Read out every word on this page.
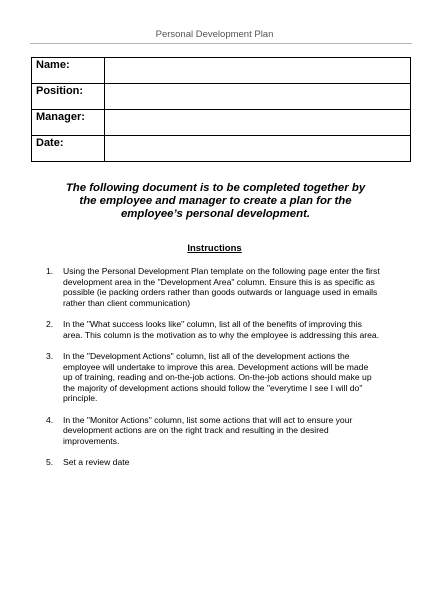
Personal Development Plan
Name:	
Position:	
Manager:	
Date:	
The following document is to be completed together by the employee and manager to create a plan for the employee’s personal development.
Instructions
1. Using the Personal Development Plan template on the following page enter the first development area in the "Development Area" column. Ensure this is as specific as possible (ie packing orders rather than goods outwards or language used in emails rather than client communication)
2. In the "What success looks like" column, list all of the benefits of improving this area. This column is the motivation as to why the employee is addressing this area.
3. In the "Development Actions" column, list all of the development actions the employee will undertake to improve this area. Development actions will be made up of training, reading and on-the-job actions. On-the-job actions should make up the majority of development actions should follow the "everytime I see I will do" principle.
4. In the "Monitor Actions" column, list some actions that will act to ensure your development actions are on the right track and resulting in the desired improvements.
5. Set a review date
